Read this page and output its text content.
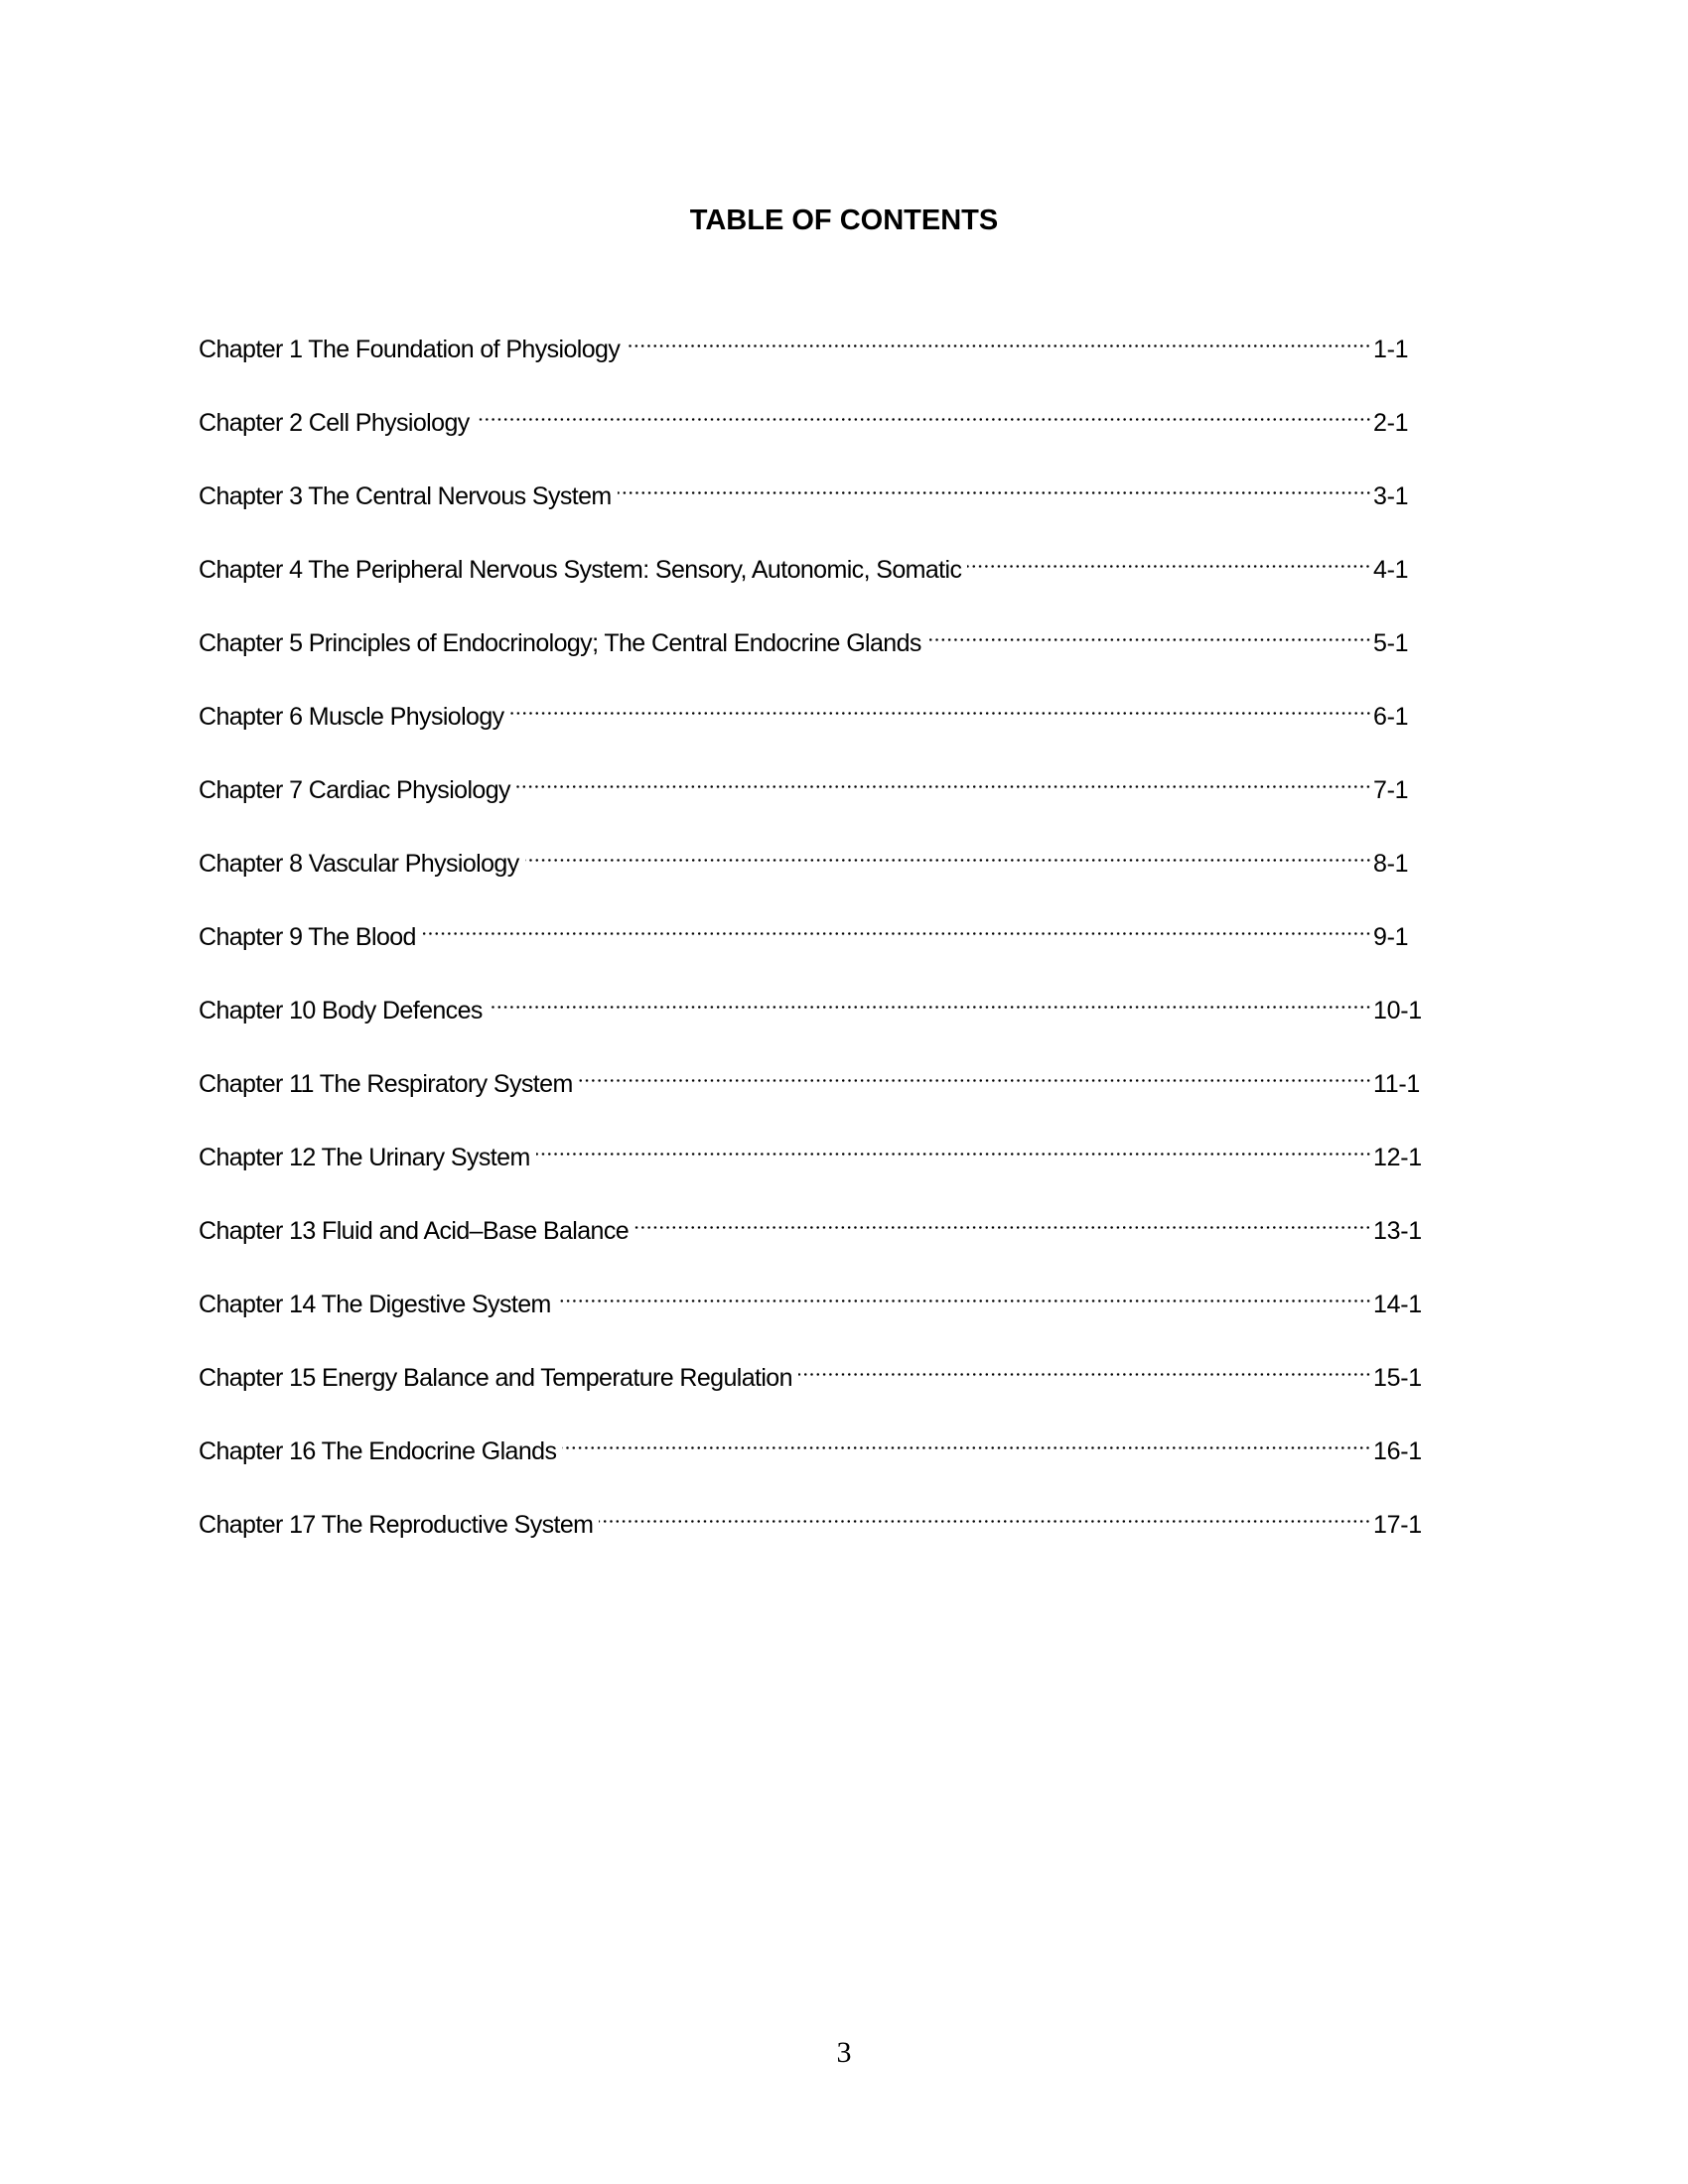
TABLE OF CONTENTS
Chapter 1 The Foundation of Physiology	1-1
Chapter 2 Cell Physiology	2-1
Chapter 3 The Central Nervous System	3-1
Chapter 4 The Peripheral Nervous System: Sensory, Autonomic, Somatic	4-1
Chapter 5 Principles of Endocrinology; The Central Endocrine Glands	5-1
Chapter 6 Muscle Physiology	6-1
Chapter 7 Cardiac Physiology	7-1
Chapter 8 Vascular Physiology	8-1
Chapter 9 The Blood	9-1
Chapter 10 Body Defences	10-1
Chapter 11 The Respiratory System	11-1
Chapter 12 The Urinary System	12-1
Chapter 13 Fluid and Acid–Base Balance	13-1
Chapter 14 The Digestive System	14-1
Chapter 15 Energy Balance and Temperature Regulation	15-1
Chapter 16 The Endocrine Glands	16-1
Chapter 17 The Reproductive System	17-1
3
